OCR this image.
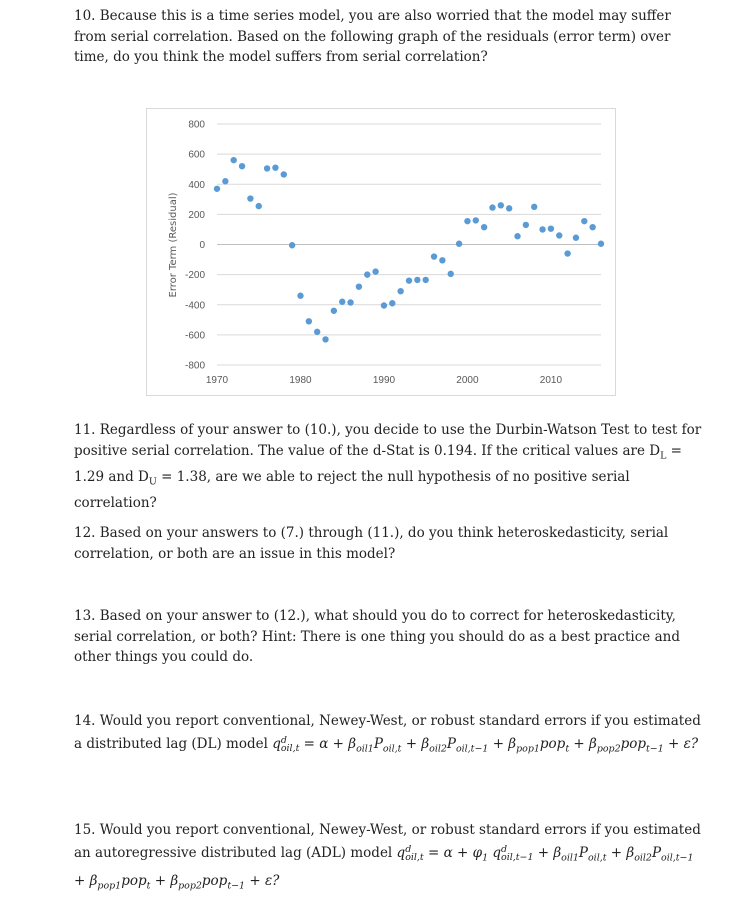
10. Because this is a time series model, you are also worried that the model may suffer from serial correlation. Based on the following graph of the residuals (error term) over time, do you think the model suffers from serial correlation?

800
600
400
200
0
-200
-400
-600
-800
1970	1980	1990	2000	2010
Error Term (Residual)

11. Regardless of your answer to (10.), you decide to use the Durbin-Watson Test to test for positive serial correlation. The value of the d-Stat is 0.194. If the critical values are $D_L = 1.29$ and $D_U = 1.38$, are we able to reject the null hypothesis of no positive serial correlation?

12. Based on your answers to (7.) through (11.), do you think heteroskedasticity, serial correlation, or both are an issue in this model?

13. Based on your answer to (12.), what should you do to correct for heteroskedasticity, serial correlation, or both? Hint: There is one thing you should do as a best practice and other things you could do.

14. Would you report conventional, Newey-West, or robust standard errors if you estimated a distributed lag (DL) model q d
$oil,t = \alpha + \beta_{oil1}P_{oil,t} + \beta_{oil2}P_{oil,t-1} + \beta_{pop1}pop_t + \beta_{pop2}pop_{t-1} + \varepsilon$?

15. Would you report conventional, Newey-West, or robust standard errors if you estimated an autoregressive distributed lag (ADL) model q d
$oil,t = \alpha + \varphi_1$ q d
$oil,t-1 + \beta_{oil1}P_{oil,t} + \beta_{oil2}P_{oil,t-1} + \beta_{pop1}pop_t + \beta_{pop2}pop_{t-1} + \varepsilon$?
